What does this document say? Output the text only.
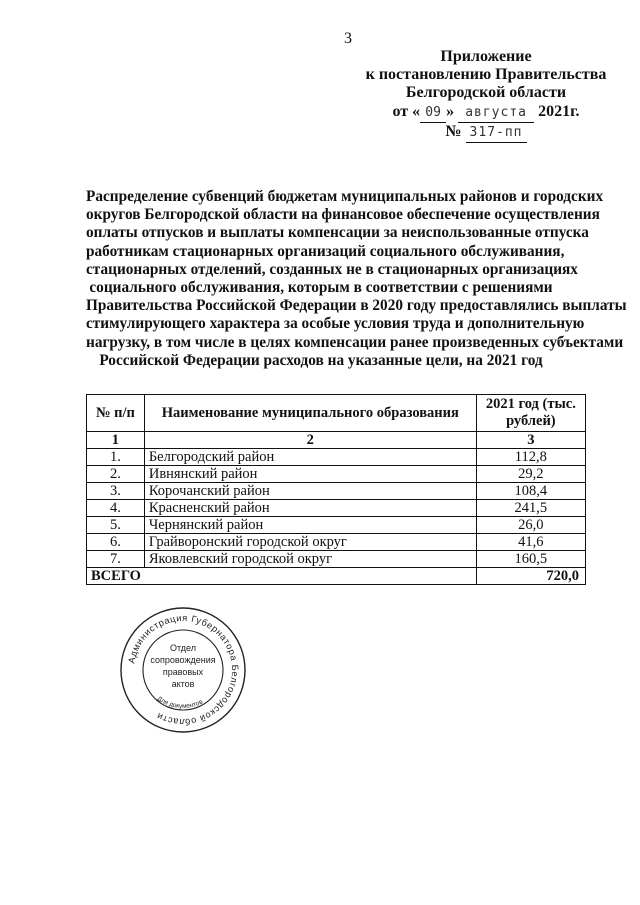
3
Приложение
к постановлению Правительства
Белгородской области
от « 09 » августа 2021г.
№ 317-пп
Распределение субвенций бюджетам муниципальных районов и городских
округов Белгородской области на финансовое обеспечение осуществления
оплаты отпусков и выплаты компенсации за неиспользованные отпуска
работникам стационарных организаций социального обслуживания,
стационарных отделений, созданных не в стационарных организациях
социального обслуживания, которым в соответствии с решениями
Правительства Российской Федерации в 2020 году предоставлялись выплаты
стимулирующего характера за особые условия труда и дополнительную
нагрузку, в том числе в целях компенсации ранее произведенных субъектами
Российской Федерации расходов на указанные цели, на 2021 год
№ п/п	Наименование муниципального образования	2021 год (тыс. рублей)
1	2	3
1.	Белгородский район	112,8
2.	Ивнянский район	29,2
3.	Корочанский район	108,4
4.	Красненский район	241,5
5.	Чернянский район	26,0
6.	Грайворонский городской округ	41,6
7.	Яковлевский городской округ	160,5
ВСЕГО		720,0
Администрация Губернатора Белгородской области
Отдел
сопровождения
правовых
актов
Для документов
